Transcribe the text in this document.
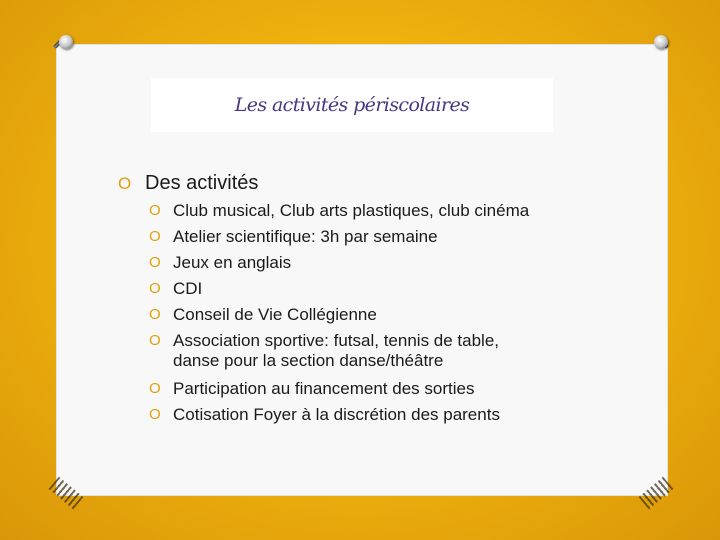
Les activités périscolaires
O Des activités
O Club musical, Club arts plastiques, club cinéma
O Atelier scientifique: 3h par semaine
O Jeux en anglais
O CDI
O Conseil de Vie Collégienne
O Association sportive: futsal, tennis de table,
danse pour la section danse/théâtre
O Participation au financement des sorties
O Cotisation Foyer à la discrétion des parents
